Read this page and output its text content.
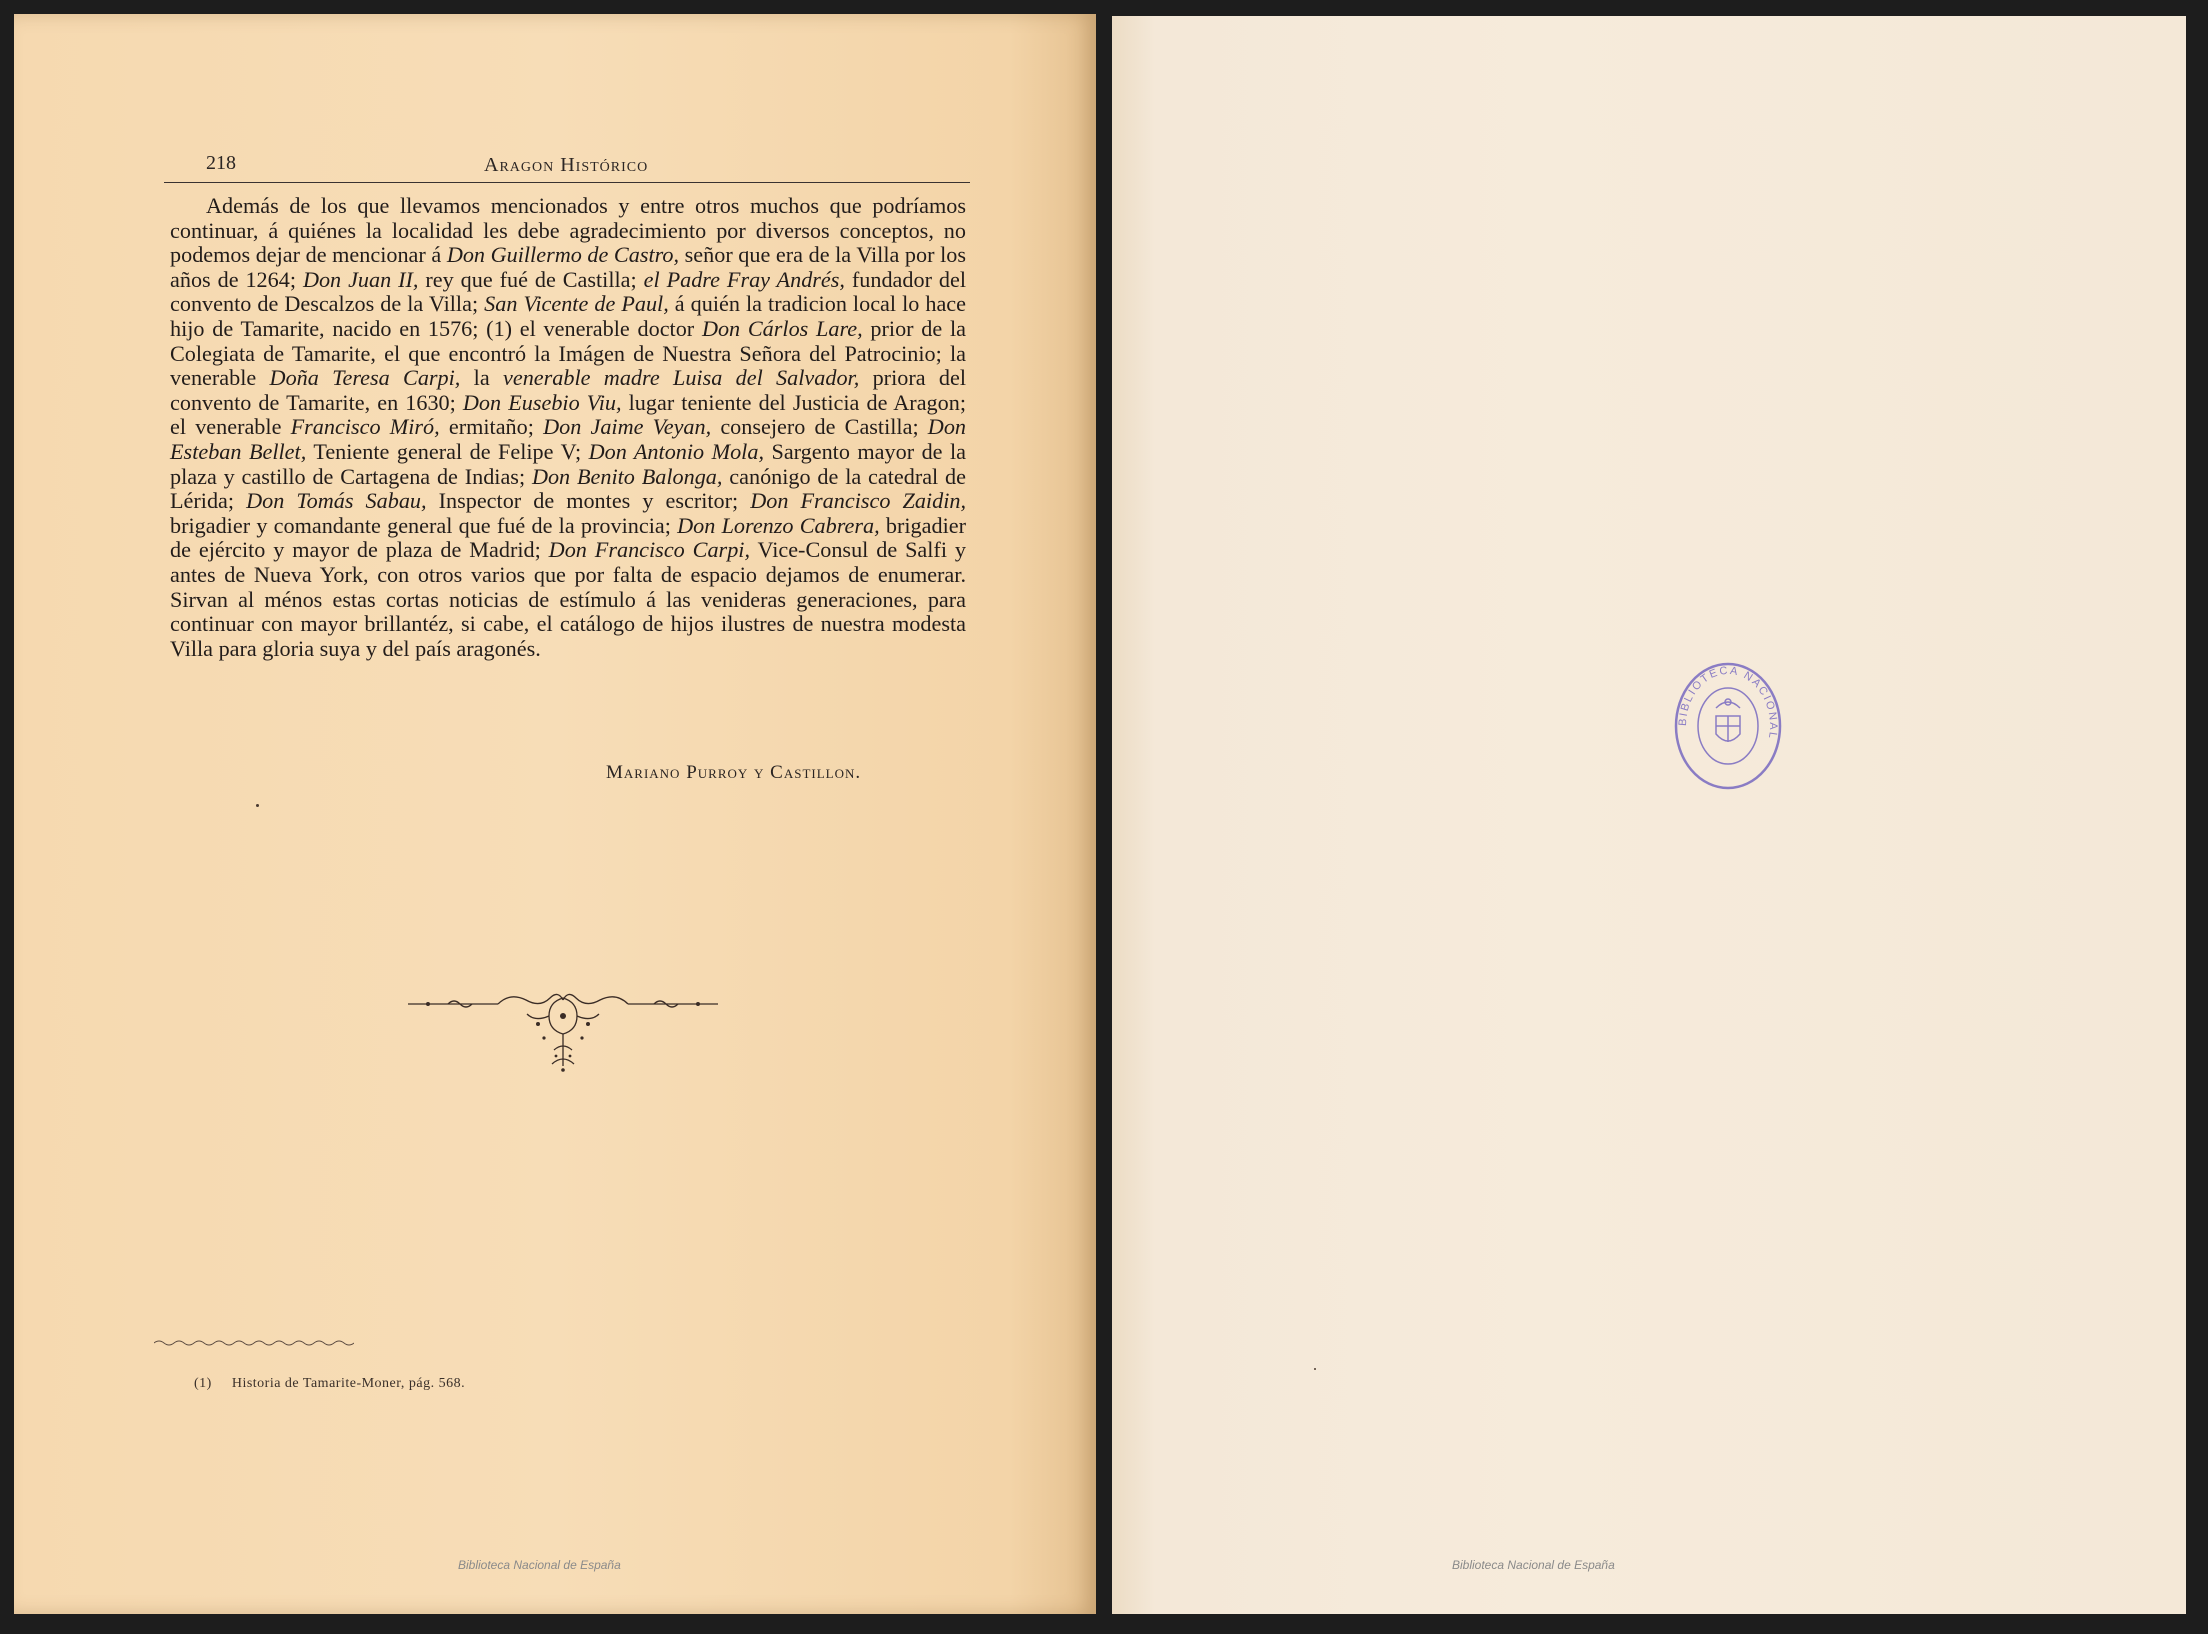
218	Aragon Histórico

Además de los que llevamos mencionados y entre otros muchos que podríamos continuar, á quiénes la localidad les debe agradecimiento por diversos conceptos, no podemos dejar de mencionar á Don Guillermo de Castro, señor que era de la Villa por los años de 1264; Don Juan II, rey que fué de Castilla; el Padre Fray Andrés, fundador del convento de Descalzos de la Villa; San Vicente de Paul, á quién la tradicion local lo hace hijo de Tamarite, nacido en 1576; (1) el venerable doctor Don Cárlos Lare, prior de la Colegiata de Tamarite, el que encontró la Imágen de Nuestra Señora del Patrocinio; la venerable Doña Teresa Carpi, la venerable madre Luisa del Salvador, priora del convento de Tamarite, en 1630; Don Eusebio Viu, lugar teniente del Justicia de Aragon; el venerable Francisco Miró, ermitaño; Don Jaime Veyan, consejero de Castilla; Don Esteban Bellet, Teniente general de Felipe V; Don Antonio Mola, Sargento mayor de la plaza y castillo de Cartagena de Indias; Don Benito Balonga, canónigo de la catedral de Lérida; Don Tomás Sabau, Inspector de montes y escritor; Don Francisco Zaidin, brigadier y comandante general que fué de la provincia; Don Lorenzo Cabrera, brigadier de ejército y mayor de plaza de Madrid; Don Francisco Carpi, Vice-Consul de Salfi y antes de Nueva York, con otros varios que por falta de espacio dejamos de enumerar. Sirvan al ménos estas cortas noticias de estímulo á las venideras generaciones, para continuar con mayor brillantéz, si cabe, el catálogo de hijos ilustres de nuestra modesta Villa para gloria suya y del país aragonés.

Mariano Purroy y Castillon.
(1) Historia de Tamarite-Moner, pág. 568.
Biblioteca Nacional de España
BIBLIOTECA NACIONAL
Biblioteca Nacional de España
